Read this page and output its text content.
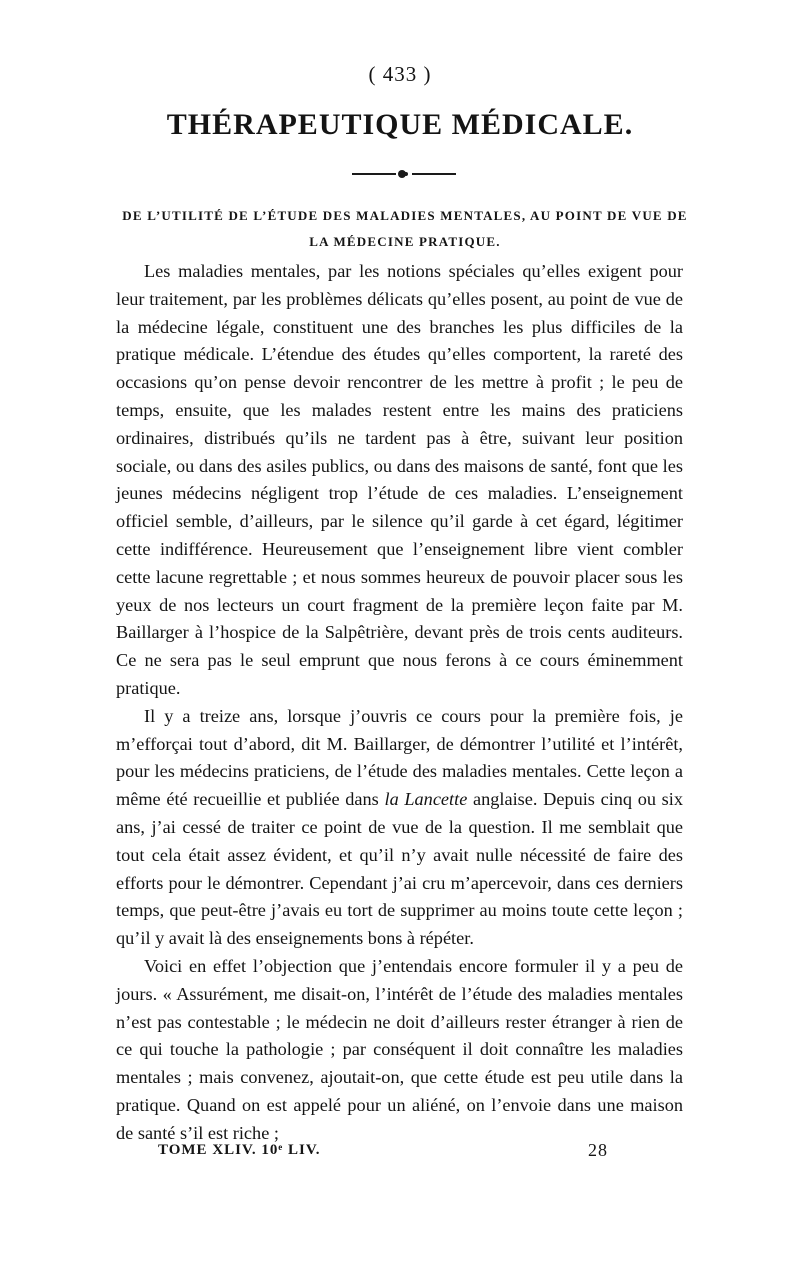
( 433 )
THÉRAPEUTIQUE MÉDICALE.
DE L’UTILITÉ DE L’ÉTUDE DES MALADIES MENTALES, AU POINT DE VUE DE LA MÉDECINE PRATIQUE.

Les maladies mentales, par les notions spéciales qu’elles exigent pour leur traitement, par les problèmes délicats qu’elles posent, au point de vue de la médecine légale, constituent une des branches les plus difficiles de la pratique médicale. L’étendue des études qu’elles comportent, la rareté des occasions qu’on pense devoir rencontrer de les mettre à profit ; le peu de temps, ensuite, que les malades restent entre les mains des praticiens ordinaires, distribués qu’ils ne tardent pas à être, suivant leur position sociale, ou dans des asiles publics, ou dans des maisons de santé, font que les jeunes médecins négligent trop l’étude de ces maladies. L’enseignement officiel semble, d’ailleurs, par le silence qu’il garde à cet égard, légitimer cette indifférence. Heureusement que l’enseignement libre vient combler cette lacune regrettable ; et nous sommes heureux de pouvoir placer sous les yeux de nos lecteurs un court fragment de la première leçon faite par M. Baillarger à l’hospice de la Salpêtrière, devant près de trois cents auditeurs. Ce ne sera pas le seul emprunt que nous ferons à ce cours éminemment pratique.

Il y a treize ans, lorsque j’ouvris ce cours pour la première fois, je m’efforçai tout d’abord, dit M. Baillarger, de démontrer l’utilité et l’intérêt, pour les médecins praticiens, de l’étude des maladies mentales. Cette leçon a même été recueillie et publiée dans la Lancette anglaise. Depuis cinq ou six ans, j’ai cessé de traiter ce point de vue de la question. Il me semblait que tout cela était assez évident, et qu’il n’y avait nulle nécessité de faire des efforts pour le démontrer. Cependant j’ai cru m’apercevoir, dans ces derniers temps, que peut-être j’avais eu tort de supprimer au moins toute cette leçon ; qu’il y avait là des enseignements bons à répéter.

Voici en effet l’objection que j’entendais encore formuler il y a peu de jours. « Assurément, me disait-on, l’intérêt de l’étude des maladies mentales n’est pas contestable ; le médecin ne doit d’ailleurs rester étranger à rien de ce qui touche la pathologie ; par conséquent il doit connaître les maladies mentales ; mais convenez, ajoutait-on, que cette étude est peu utile dans la pratique. Quand on est appelé pour un aliéné, on l’envoie dans une maison de santé s’il est riche ;

TOME XLIV. 10ᵉ LIV.	28
